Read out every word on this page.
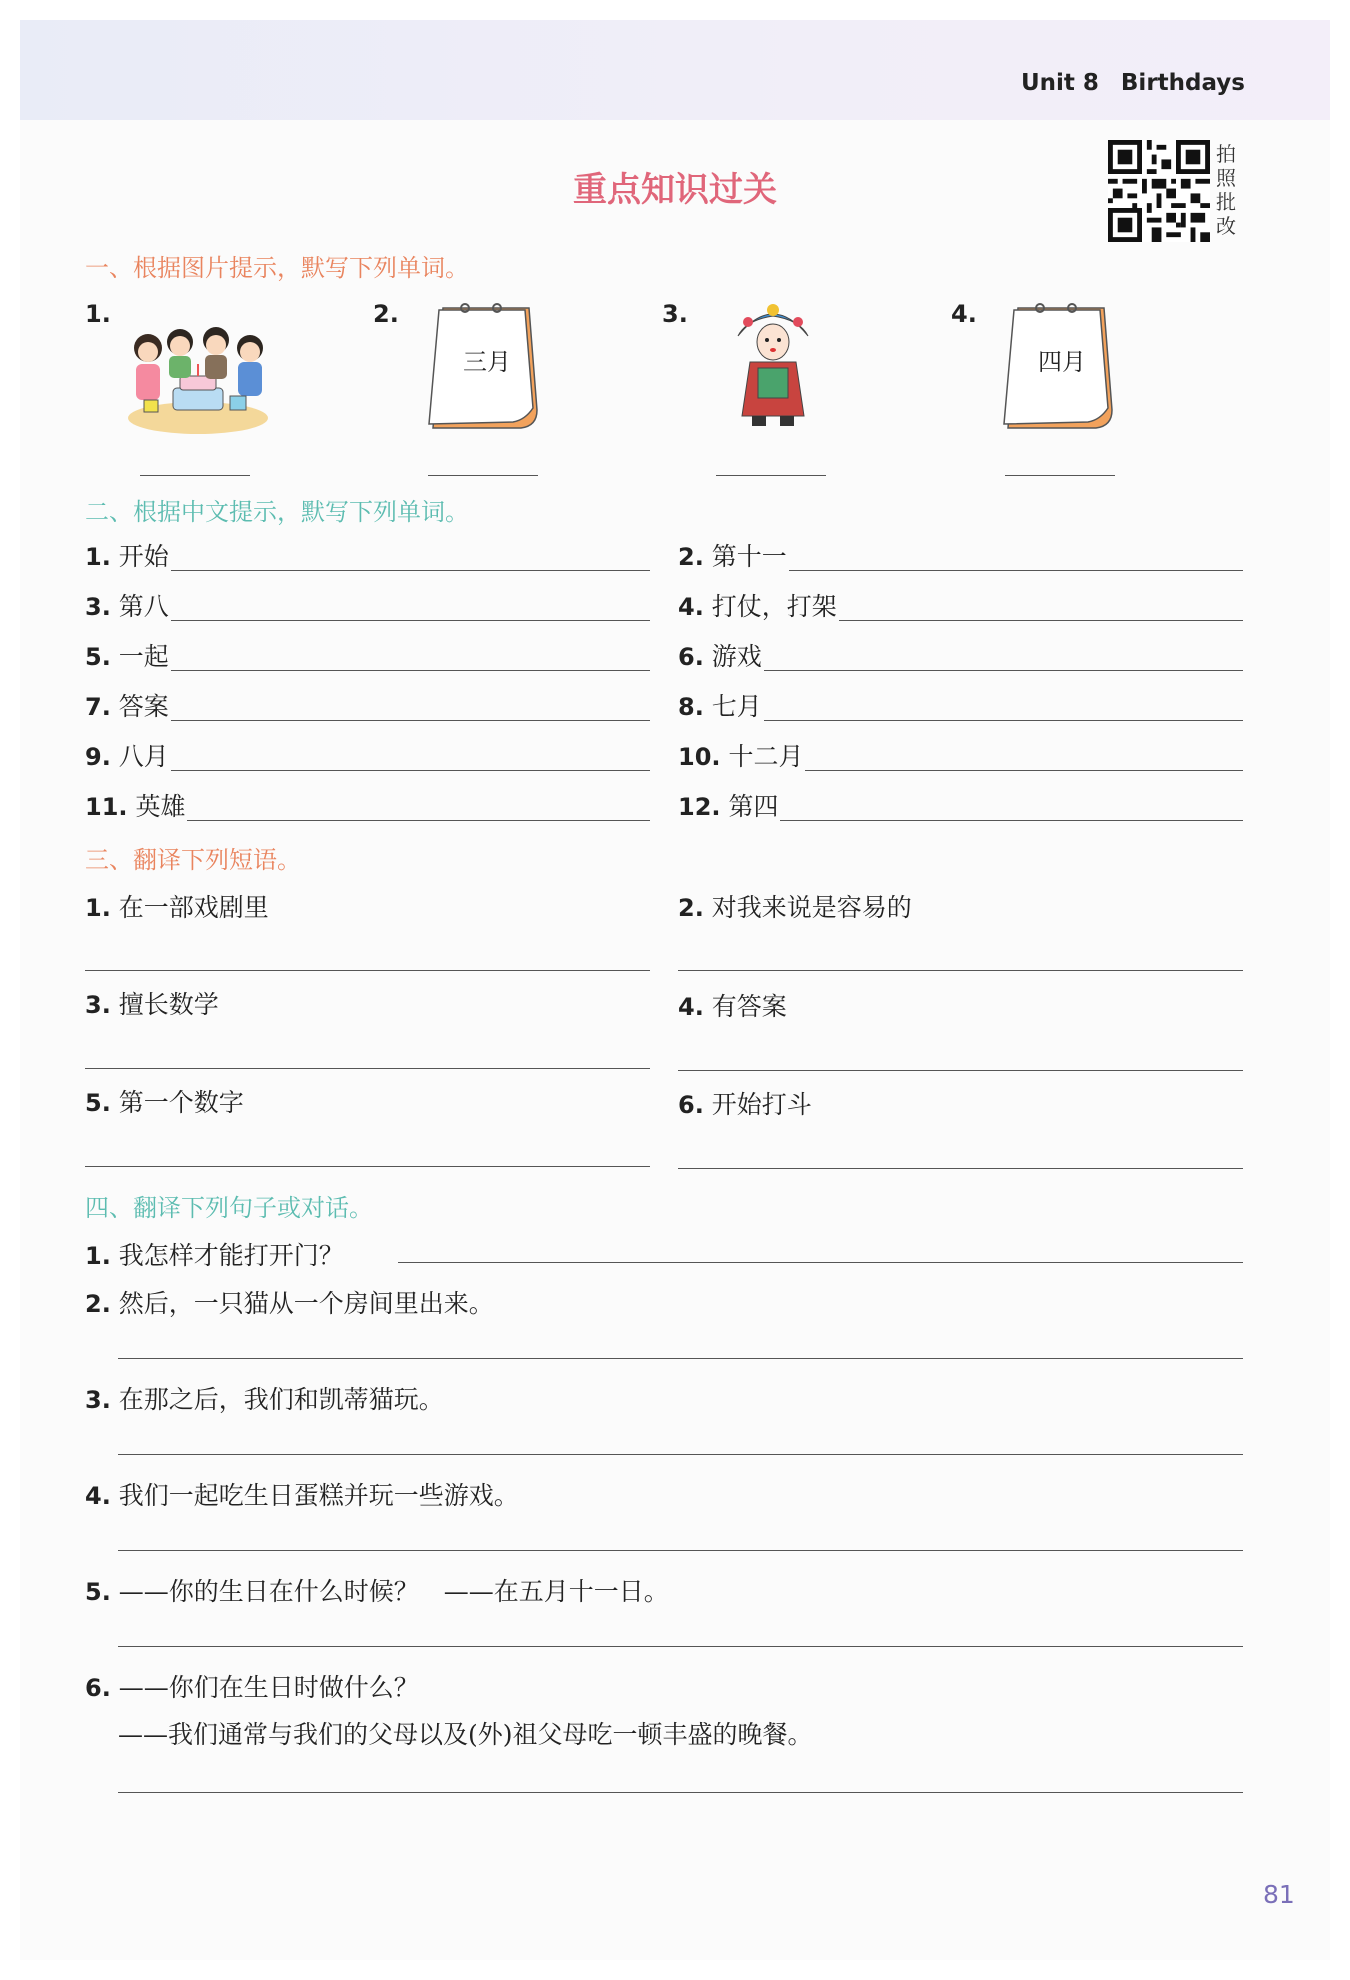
Unit 8 Birthdays
重点知识过关
拍照批改
一、根据图片提示，默写下列单词。
1.	2.
三月
3.	4.
四月
二、根据中文提示，默写下列单词。
1. 开始	2. 第十一
3. 第八	4. 打仗，打架
5. 一起	6. 游戏
7. 答案	8. 七月
9. 八月	10. 十二月
11. 英雄	12. 第四
三、翻译下列短语。
1. 在一部戏剧里	2. 对我来说是容易的
3. 擅长数学	4. 有答案
5. 第一个数字	6. 开始打斗
四、翻译下列句子或对话。
1. 我怎样才能打开门？
2. 然后，一只猫从一个房间里出来。
3. 在那之后，我们和凯蒂猫玩。
4. 我们一起吃生日蛋糕并玩一些游戏。
5. ——你的生日在什么时候？　——在五月十一日。
6. ——你们在生日时做什么？
——我们通常与我们的父母以及(外)祖父母吃一顿丰盛的晚餐。
81
